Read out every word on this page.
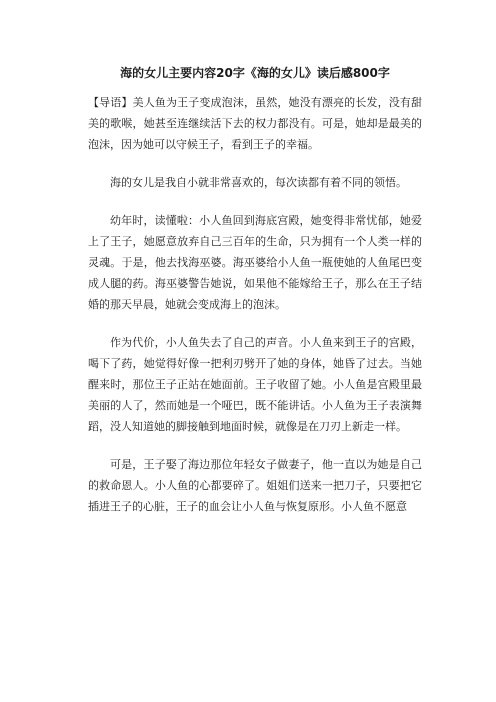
海的女儿主要内容20字《海的女儿》读后感800字

【导语】美人鱼为王子变成泡沫，虽然，她没有漂亮的长发，没有甜美的歌喉，她甚至连继续活下去的权力都没有。可是，她却是最美的泡沫，因为她可以守候王子，看到王子的幸福。

海的女儿是我自小就非常喜欢的，每次读都有着不同的领悟。

幼年时，读懂啦：小人鱼回到海底宫殿，她变得非常忧郁，她爱上了王子，她愿意放弃自己三百年的生命，只为拥有一个人类一样的灵魂。于是，他去找海巫婆。海巫婆给小人鱼一瓶使她的人鱼尾巴变成人腿的药。海巫婆警告她说，如果他不能嫁给王子，那么在王子结婚的那天早晨，她就会变成海上的泡沫。

作为代价，小人鱼失去了自己的声音。小人鱼来到王子的宫殿，喝下了药，她觉得好像一把利刃劈开了她的身体，她昏了过去。当她醒来时，那位王子正站在她面前。王子收留了她。小人鱼是宫殿里最美丽的人了，然而她是一个哑巴，既不能讲话。小人鱼为王子表演舞蹈，没人知道她的脚接触到地面时候，就像是在刀刃上新走一样。

可是，王子娶了海边那位年轻女子做妻子，他一直以为她是自己的救命恩人。小人鱼的心都要碎了。姐姐们送来一把刀子，只要把它插进王子的心脏，王子的血会让小人鱼与恢复原形。小人鱼不愿意
